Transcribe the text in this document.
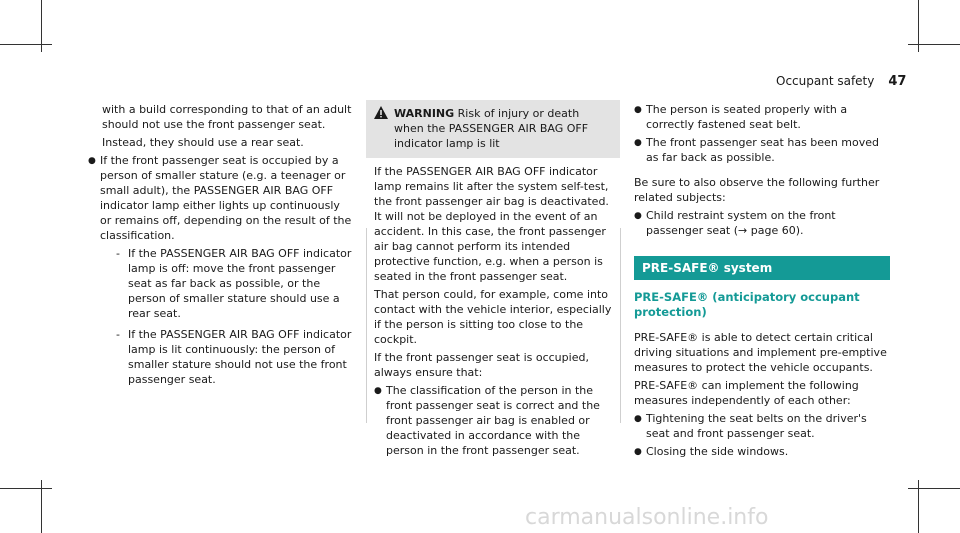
Occupant safety 47

with a build corresponding to that of an adult should not use the front passenger seat.

Instead, they should use a rear seat.

● If the front passenger seat is occupied by a person of smaller stature (e.g. a teenager or small adult), the PASSENGER AIR BAG OFF indicator lamp either lights up continuously or remains off, depending on the result of the classification.
- If the PASSENGER AIR BAG OFF indicator lamp is off: move the front passenger seat as far back as possible, or the person of smaller stature should use a rear seat.
- If the PASSENGER AIR BAG OFF indicator lamp is lit continuously: the person of smaller stature should not use the front passenger seat.
WARNING Risk of injury or death when the PASSENGER AIR BAG OFF indicator lamp is lit

If the PASSENGER AIR BAG OFF indicator lamp remains lit after the system self-test, the front passenger air bag is deactivated. It will not be deployed in the event of an accident. In this case, the front passenger air bag cannot perform its intended protective function, e.g. when a person is seated in the front passenger seat.

That person could, for example, come into contact with the vehicle interior, especially if the person is sitting too close to the cockpit.

If the front passenger seat is occupied, always ensure that:

● The classification of the person in the front passenger seat is correct and the front passenger air bag is enabled or deactivated in accordance with the person in the front passenger seat.
● The person is seated properly with a correctly fastened seat belt.
● The front passenger seat has been moved as far back as possible.

Be sure to also observe the following further related subjects:

● Child restraint system on the front passenger seat (→ page 60).
PRE-SAFE® system
PRE-SAFE® (anticipatory occupant protection)

PRE-SAFE® is able to detect certain critical driving situations and implement pre-emptive measures to protect the vehicle occupants.

PRE-SAFE® can implement the following measures independently of each other:

● Tightening the seat belts on the driver's seat and front passenger seat.
● Closing the side windows.
carmanualsonline.info
